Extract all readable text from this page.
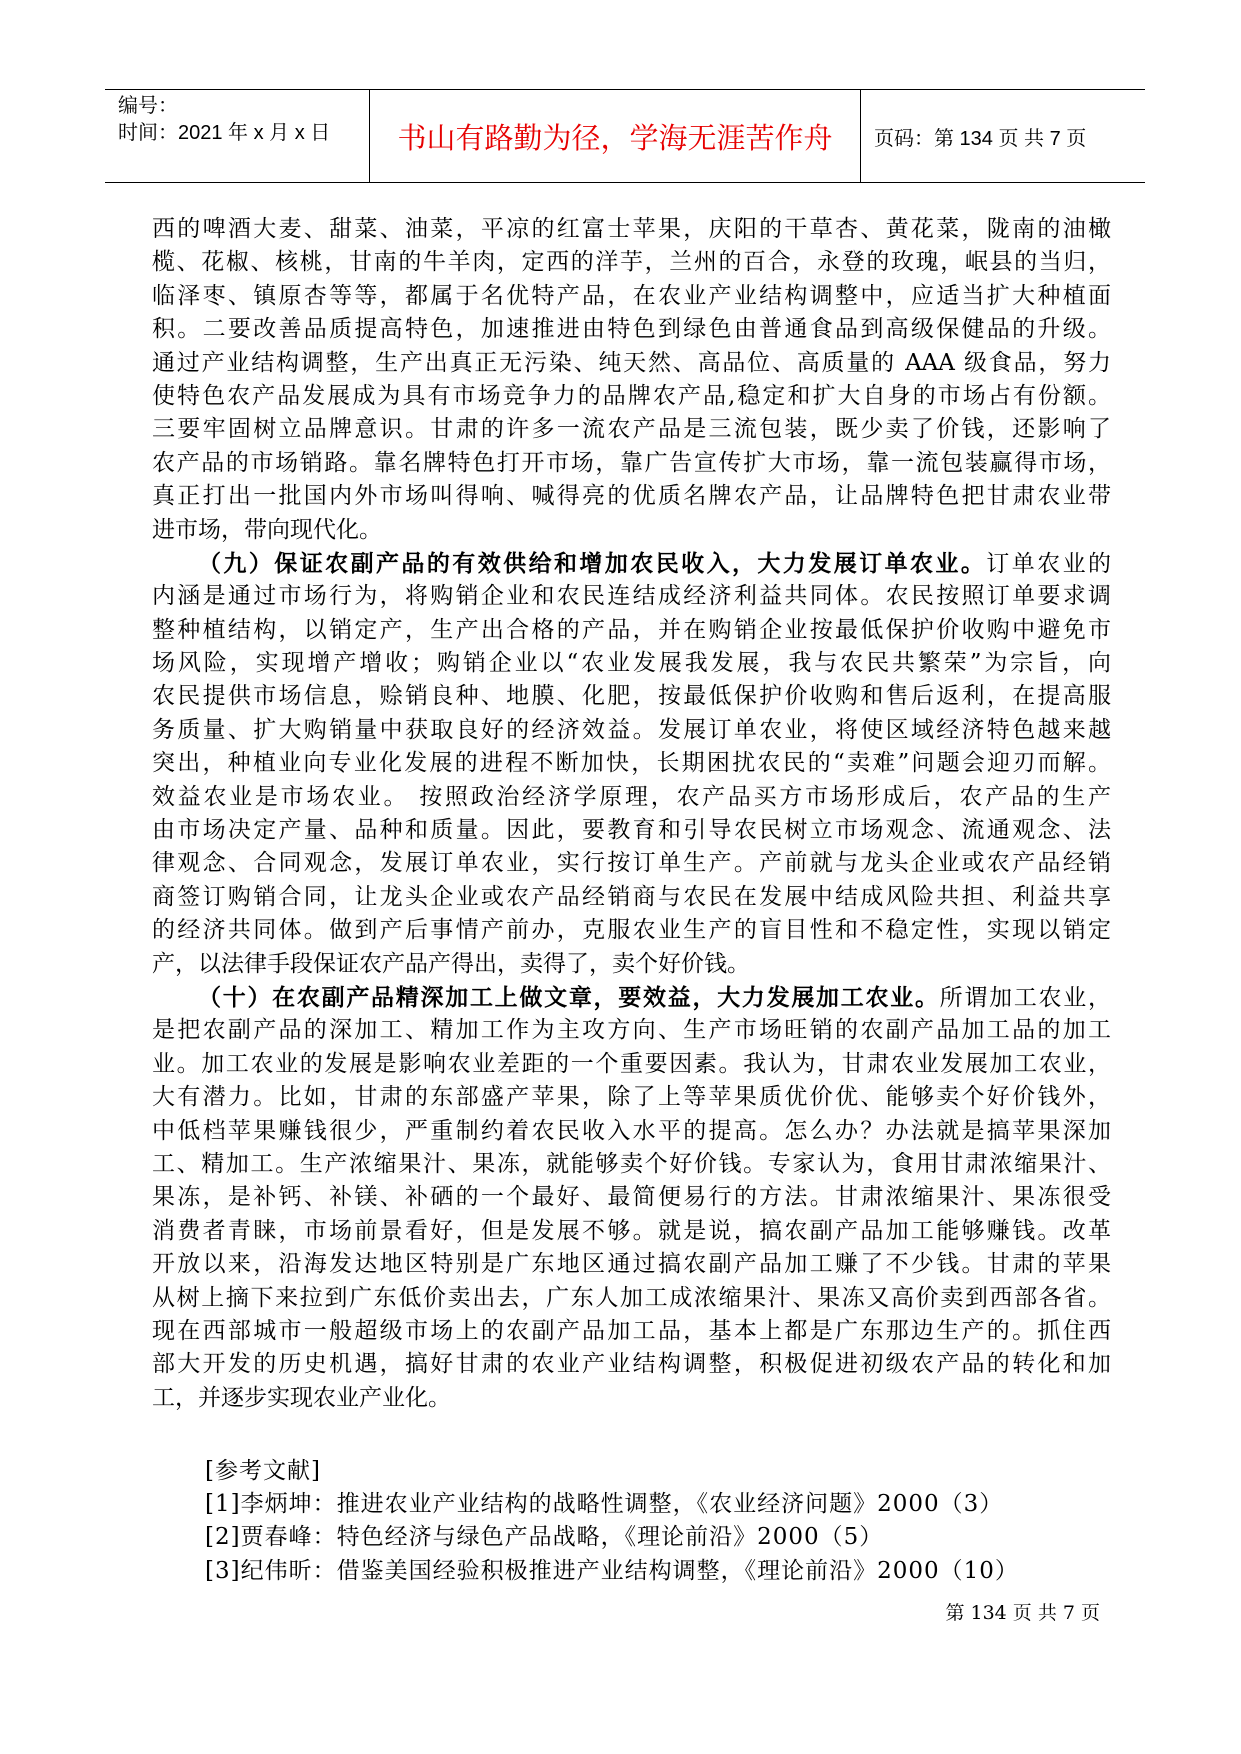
编号：
时间：2021 年 x 月 x 日	书山有路勤为径，学海无涯苦作舟	页码：第 134 页 共 7 页
西的啤酒大麦、甜菜、油菜，平凉的红富士苹果，庆阳的干草杏、黄花菜，陇南的油橄
榄、花椒、核桃，甘南的牛羊肉，定西的洋芋，兰州的百合，永登的玫瑰，岷县的当归，
临泽枣、镇原杏等等，都属于名优特产品，在农业产业结构调整中，应适当扩大种植面
积。二要改善品质提高特色，加速推进由特色到绿色由普通食品到高级保健品的升级。
通过产业结构调整，生产出真正无污染、纯天然、高品位、高质量的 AAA 级食品，努力
使特色农产品发展成为具有市场竞争力的品牌农产品,稳定和扩大自身的市场占有份额。
三要牢固树立品牌意识。甘肃的许多一流农产品是三流包装，既少卖了价钱，还影响了
农产品的市场销路。靠名牌特色打开市场，靠广告宣传扩大市场，靠一流包装赢得市场，
真正打出一批国内外市场叫得响、喊得亮的优质名牌农产品，让品牌特色把甘肃农业带
进市场，带向现代化。
（九）保证农副产品的有效供给和增加农民收入，大力发展订单农业。订单农业的
内涵是通过市场行为，将购销企业和农民连结成经济利益共同体。农民按照订单要求调
整种植结构，以销定产，生产出合格的产品，并在购销企业按最低保护价收购中避免市
场风险，实现增产增收；购销企业以“农业发展我发展，我与农民共繁荣”为宗旨，向
农民提供市场信息，赊销良种、地膜、化肥，按最低保护价收购和售后返利，在提高服
务质量、扩大购销量中获取良好的经济效益。发展订单农业，将使区域经济特色越来越
突出，种植业向专业化发展的进程不断加快，长期困扰农民的“卖难”问题会迎刃而解。
效益农业是市场农业。 按照政治经济学原理，农产品买方市场形成后，农产品的生产
由市场决定产量、品种和质量。因此，要教育和引导农民树立市场观念、流通观念、法
律观念、合同观念，发展订单农业，实行按订单生产。产前就与龙头企业或农产品经销
商签订购销合同，让龙头企业或农产品经销商与农民在发展中结成风险共担、利益共享
的经济共同体。做到产后事情产前办，克服农业生产的盲目性和不稳定性，实现以销定
产，以法律手段保证农产品产得出，卖得了，卖个好价钱。
（十）在农副产品精深加工上做文章，要效益，大力发展加工农业。所谓加工农业，
是把农副产品的深加工、精加工作为主攻方向、生产市场旺销的农副产品加工品的加工
业。加工农业的发展是影响农业差距的一个重要因素。我认为，甘肃农业发展加工农业，
大有潜力。比如，甘肃的东部盛产苹果，除了上等苹果质优价优、能够卖个好价钱外，
中低档苹果赚钱很少，严重制约着农民收入水平的提高。怎么办？办法就是搞苹果深加
工、精加工。生产浓缩果汁、果冻，就能够卖个好价钱。专家认为，食用甘肃浓缩果汁、
果冻，是补钙、补镁、补硒的一个最好、最简便易行的方法。甘肃浓缩果汁、果冻很受
消费者青睐，市场前景看好，但是发展不够。就是说，搞农副产品加工能够赚钱。改革
开放以来，沿海发达地区特别是广东地区通过搞农副产品加工赚了不少钱。甘肃的苹果
从树上摘下来拉到广东低价卖出去，广东人加工成浓缩果汁、果冻又高价卖到西部各省。
现在西部城市一般超级市场上的农副产品加工品，基本上都是广东那边生产的。抓住西
部大开发的历史机遇，搞好甘肃的农业产业结构调整，积极促进初级农产品的转化和加
工，并逐步实现农业产业化。
[参考文献]
[1]李炳坤：推进农业产业结构的战略性调整，《农业经济问题》2000（3）
[2]贾春峰：特色经济与绿色产品战略，《理论前沿》2000（5）
[3]纪伟昕：借鉴美国经验积极推进产业结构调整，《理论前沿》2000（10）
第 134 页 共 7 页
